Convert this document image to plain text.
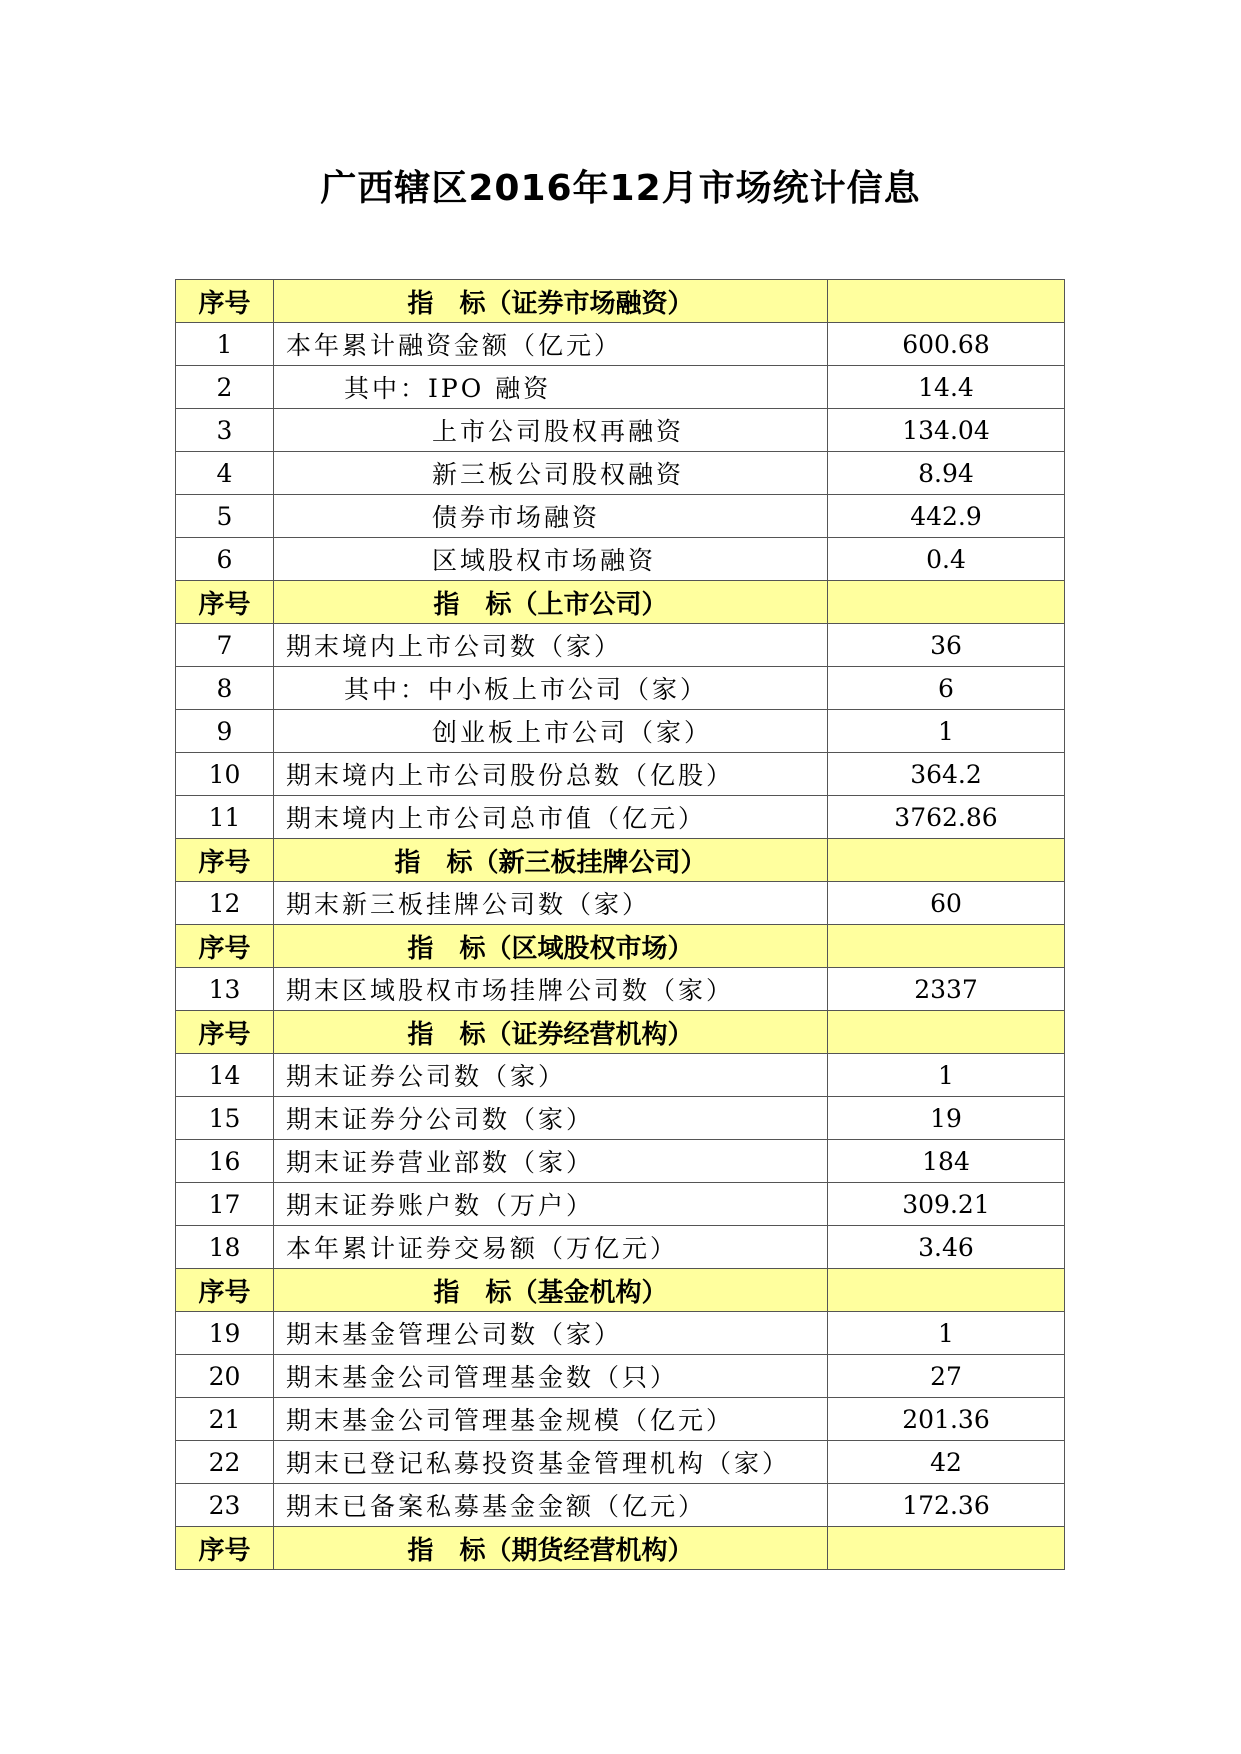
广西辖区2016年12月市场统计信息
序号	指　标（证券市场融资）	
1	本年累计融资金额（亿元）	600.68
2	其中：IPO 融资	14.4
3	上市公司股权再融资	134.04
4	新三板公司股权融资	8.94
5	债券市场融资	442.9
6	区域股权市场融资	0.4
序号	指　标（上市公司）	
7	期末境内上市公司数（家）	36
8	其中：中小板上市公司（家）	6
9	创业板上市公司（家）	1
10	期末境内上市公司股份总数（亿股）	364.2
11	期末境内上市公司总市值（亿元）	3762.86
序号	指　标（新三板挂牌公司）	
12	期末新三板挂牌公司数（家）	60
序号	指　标（区域股权市场）	
13	期末区域股权市场挂牌公司数（家）	2337
序号	指　标（证券经营机构）	
14	期末证券公司数（家）	1
15	期末证券分公司数（家）	19
16	期末证券营业部数（家）	184
17	期末证券账户数（万户）	309.21
18	本年累计证券交易额（万亿元）	3.46
序号	指　标（基金机构）	
19	期末基金管理公司数（家）	1
20	期末基金公司管理基金数（只）	27
21	期末基金公司管理基金规模（亿元）	201.36
22	期末已登记私募投资基金管理机构（家）	42
23	期末已备案私募基金金额（亿元）	172.36
序号	指　标（期货经营机构）	
